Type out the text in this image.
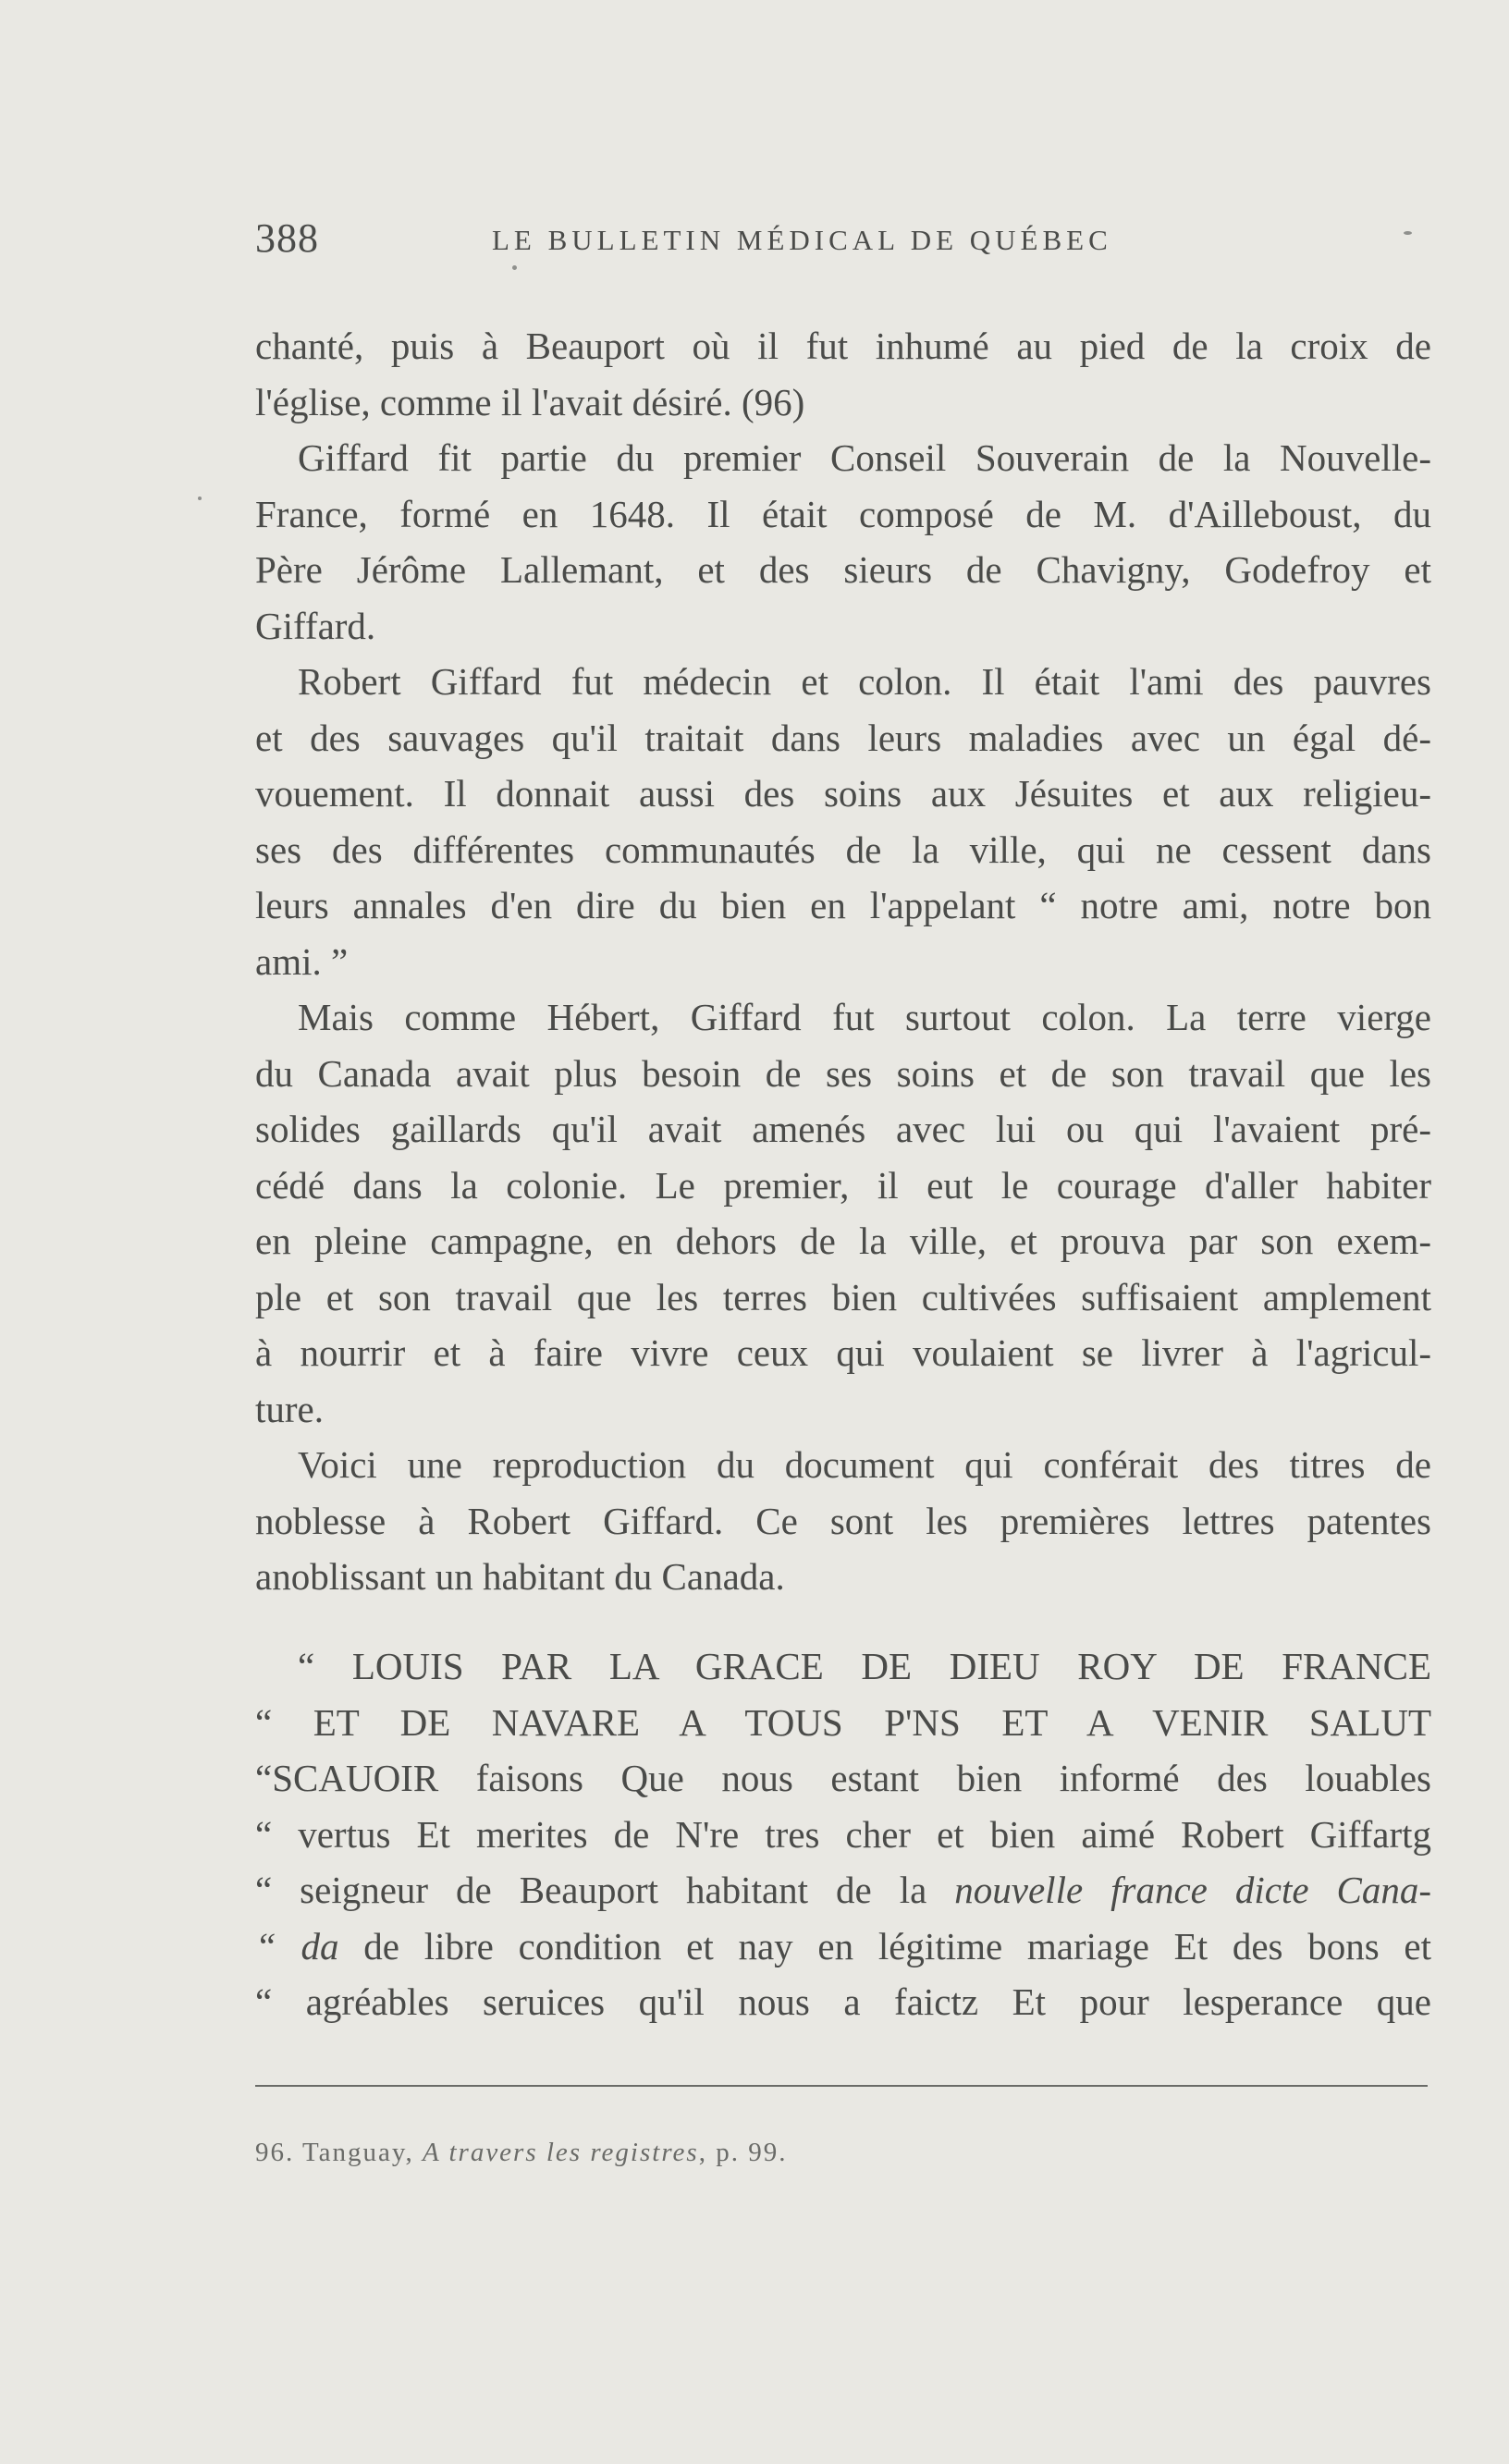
388	LE BULLETIN MÉDICAL DE QUÉBEC
chanté, puis à Beauport où il fut inhumé au pied de la croix de
l'église, comme il l'avait désiré. (96)
Giffard fit partie du premier Conseil Souverain de la Nouvelle-
France, formé en 1648. Il était composé de M. d'Ailleboust, du
Père Jérôme Lallemant, et des sieurs de Chavigny, Godefroy et
Giffard.
Robert Giffard fut médecin et colon. Il était l'ami des pauvres
et des sauvages qu'il traitait dans leurs maladies avec un égal dé-
vouement. Il donnait aussi des soins aux Jésuites et aux religieu-
ses des différentes communautés de la ville, qui ne cessent dans
leurs annales d'en dire du bien en l'appelant “ notre ami, notre bon
ami. ”
Mais comme Hébert, Giffard fut surtout colon. La terre vierge
du Canada avait plus besoin de ses soins et de son travail que les
solides gaillards qu'il avait amenés avec lui ou qui l'avaient pré-
cédé dans la colonie. Le premier, il eut le courage d'aller habiter
en pleine campagne, en dehors de la ville, et prouva par son exem-
ple et son travail que les terres bien cultivées suffisaient amplement
à nourrir et à faire vivre ceux qui voulaient se livrer à l'agricul-
ture.
Voici une reproduction du document qui conférait des titres de
noblesse à Robert Giffard. Ce sont les premières lettres patentes
anoblissant un habitant du Canada.
“ LOUIS PAR LA GRACE DE DIEU ROY DE FRANCE
“ ET DE NAVARE A TOUS P'NS ET A VENIR SALUT
“SCAUOIR faisons Que nous estant bien informé des louables
“ vertus Et merites de N're tres cher et bien aimé Robert Giffartg
“ seigneur de Beauport habitant de la nouvelle france dicte Cana-
“ da de libre condition et nay en légitime mariage Et des bons et
“ agréables seruices qu'il nous a faictz Et pour lesperance que
96. Tanguay, A travers les registres, p. 99.
